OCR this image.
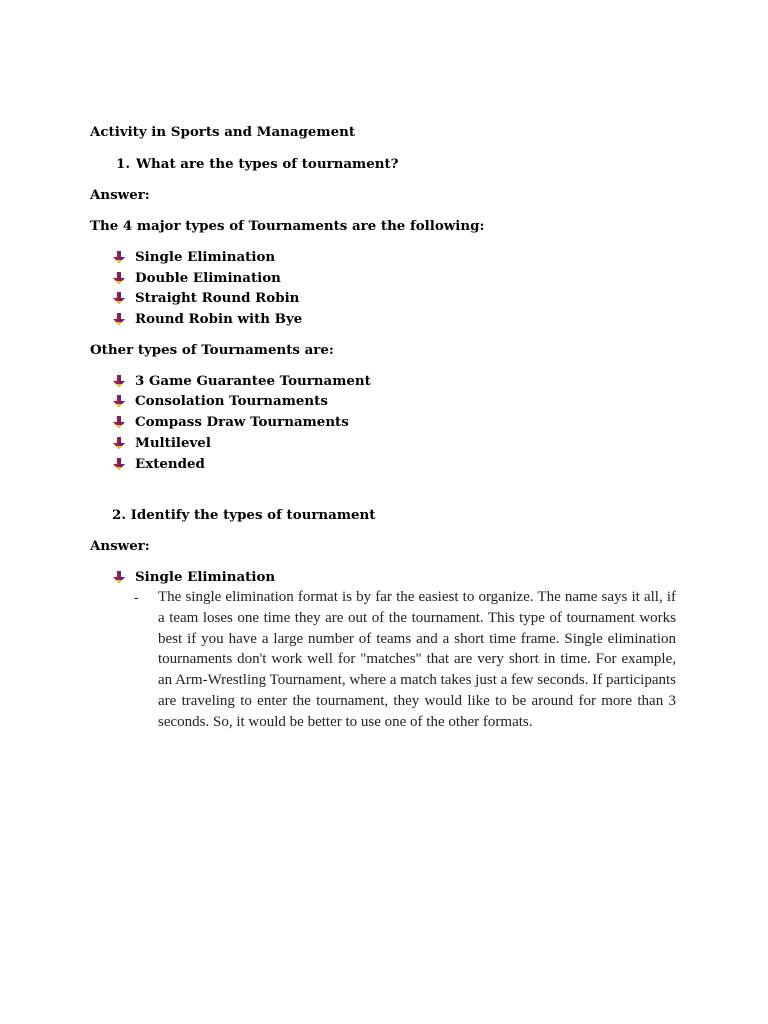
Activity in Sports and Management
1. What are the types of tournament?
Answer:
The 4 major types of Tournaments are the following:
Single Elimination
Double Elimination
Straight Round Robin
Round Robin with Bye
Other types of Tournaments are:
3 Game Guarantee Tournament
Consolation Tournaments
Compass Draw Tournaments
Multilevel
Extended
2. Identify the types of tournament
Answer:
Single Elimination
- The single elimination format is by far the easiest to organize. The name says it all, if a team loses one time they are out of the tournament. This type of tournament works best if you have a large number of teams and a short time frame. Single elimination tournaments don't work well for "matches" that are very short in time. For example, an Arm-Wrestling Tournament, where a match takes just a few seconds. If participants are traveling to enter the tournament, they would like to be around for more than 3 seconds. So, it would be better to use one of the other formats.
